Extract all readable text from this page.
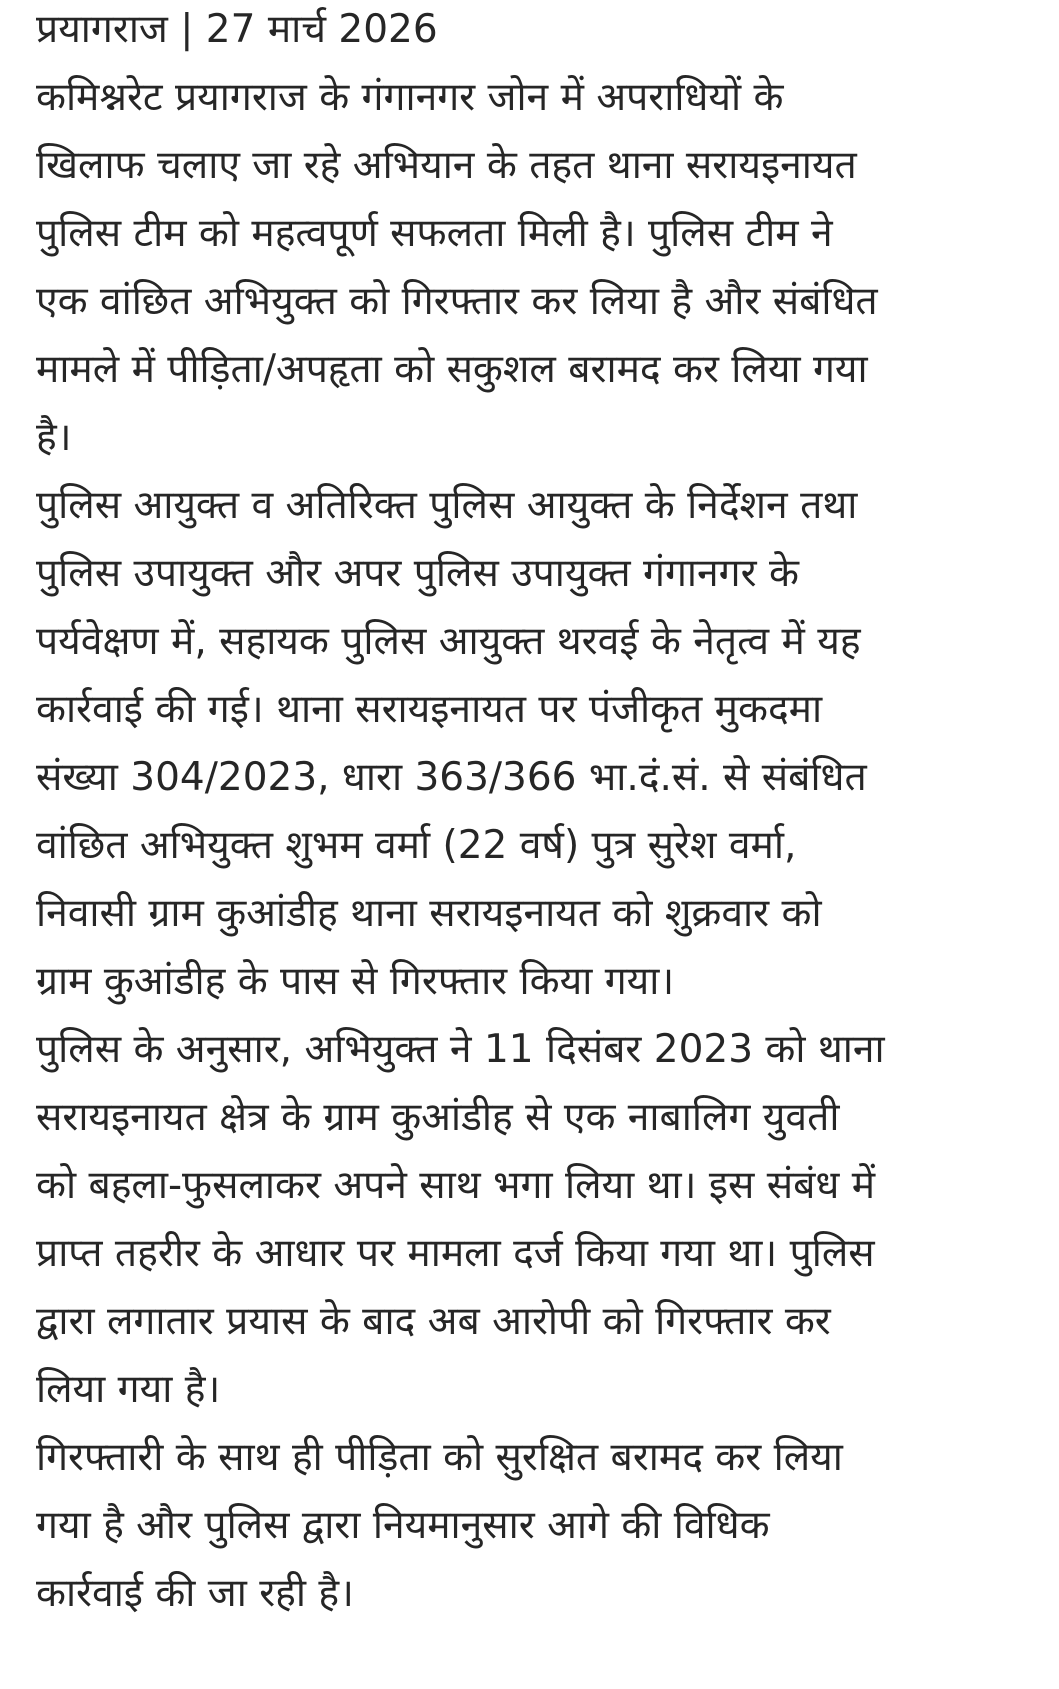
प्रयागराज | 27 मार्च 2026
कमिश्नरेट प्रयागराज के गंगानगर जोन में अपराधियों के
खिलाफ चलाए जा रहे अभियान के तहत थाना सरायइनायत
पुलिस टीम को महत्वपूर्ण सफलता मिली है। पुलिस टीम ने
एक वांछित अभियुक्त को गिरफ्तार कर लिया है और संबंधित
मामले में पीड़िता/अपहृता को सकुशल बरामद कर लिया गया
है।
पुलिस आयुक्त व अतिरिक्त पुलिस आयुक्त के निर्देशन तथा
पुलिस उपायुक्त और अपर पुलिस उपायुक्त गंगानगर के
पर्यवेक्षण में, सहायक पुलिस आयुक्त थरवई के नेतृत्व में यह
कार्रवाई की गई। थाना सरायइनायत पर पंजीकृत मुकदमा
संख्या 304/2023, धारा 363/366 भा.दं.सं. से संबंधित
वांछित अभियुक्त शुभम वर्मा (22 वर्ष) पुत्र सुरेश वर्मा,
निवासी ग्राम कुआंडीह थाना सरायइनायत को शुक्रवार को
ग्राम कुआंडीह के पास से गिरफ्तार किया गया।
पुलिस के अनुसार, अभियुक्त ने 11 दिसंबर 2023 को थाना
सरायइनायत क्षेत्र के ग्राम कुआंडीह से एक नाबालिग युवती
को बहला-फुसलाकर अपने साथ भगा लिया था। इस संबंध में
प्राप्त तहरीर के आधार पर मामला दर्ज किया गया था। पुलिस
द्वारा लगातार प्रयास के बाद अब आरोपी को गिरफ्तार कर
लिया गया है।
गिरफ्तारी के साथ ही पीड़िता को सुरक्षित बरामद कर लिया
गया है और पुलिस द्वारा नियमानुसार आगे की विधिक
कार्रवाई की जा रही है।
